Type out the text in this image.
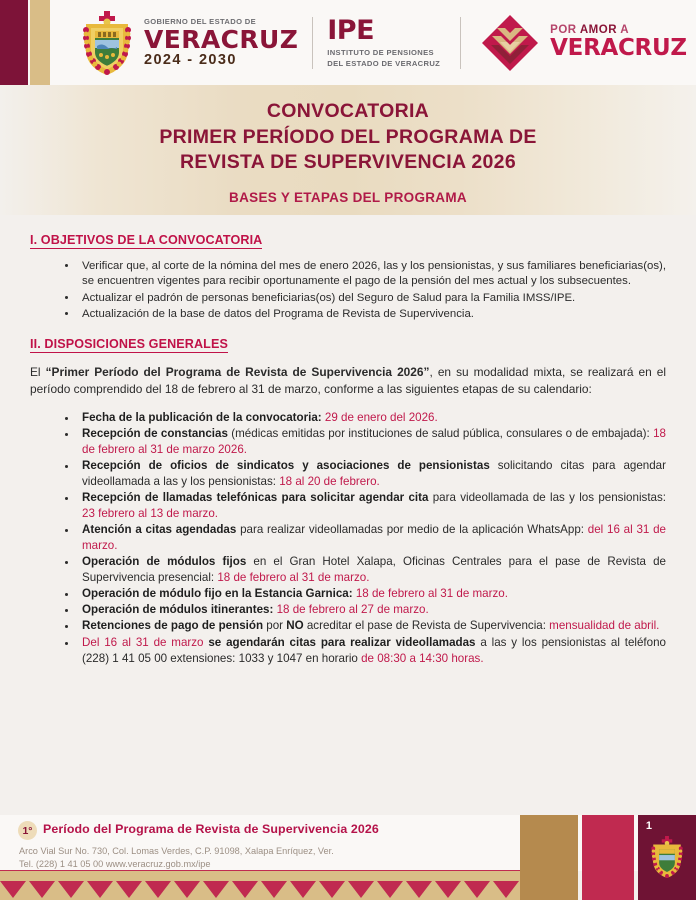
GOBIERNO DEL ESTADO DE
VERACRUZ
2024 - 2030
IPE
INSTITUTO DE PENSIONES
DEL ESTADO DE VERACRUZ
POR AMOR A
VERACRUZ
CONVOCATORIA
PRIMER PERÍODO DEL PROGRAMA DE
REVISTA DE SUPERVIVENCIA 2026
BASES Y ETAPAS DEL PROGRAMA
I. OBJETIVOS DE LA CONVOCATORIA
• Verificar que, al corte de la nómina del mes de enero 2026, las y los pensionistas, y sus familiares beneficiarias(os), se encuentren vigentes para recibir oportunamente el pago de la pensión del mes actual y los subsecuentes.
• Actualizar el padrón de personas beneficiarias(os) del Seguro de Salud para la Familia IMSS/IPE.
• Actualización de la base de datos del Programa de Revista de Supervivencia.
II. DISPOSICIONES GENERALES

El “Primer Período del Programa de Revista de Supervivencia 2026”, en su modalidad mixta, se realizará en el período comprendido del 18 de febrero al 31 de marzo, conforme a las siguientes etapas de su calendario:

• Fecha de la publicación de la convocatoria: 29 de enero del 2026.
• Recepción de constancias (médicas emitidas por instituciones de salud pública, consulares o de embajada): 18 de febrero al 31 de marzo 2026.
• Recepción de oficios de sindicatos y asociaciones de pensionistas solicitando citas para agendar videollamada a las y los pensionistas: 18 al 20 de febrero.
• Recepción de llamadas telefónicas para solicitar agendar cita para videollamada de las y los pensionistas: 23 febrero al 13 de marzo.
• Atención a citas agendadas para realizar videollamadas por medio de la aplicación WhatsApp: del 16 al 31 de marzo.
• Operación de módulos fijos en el Gran Hotel Xalapa, Oficinas Centrales para el pase de Revista de Supervivencia presencial: 18 de febrero al 31 de marzo.
• Operación de módulo fijo en la Estancia Garnica: 18 de febrero al 31 de marzo.
• Operación de módulos itinerantes: 18 de febrero al 27 de marzo.
• Retenciones de pago de pensión por NO acreditar el pase de Revista de Supervivencia: mensualidad de abril.
• Del 16 al 31 de marzo se agendarán citas para realizar videollamadas a las y los pensionistas al teléfono (228) 1 41 05 00 extensiones: 1033 y 1047 en horario de 08:30 a 14:30 horas.
1° Período del Programa de Revista de Supervivencia 2026
Arco Vial Sur No. 730, Col. Lomas Verdes, C.P. 91098, Xalapa Enríquez, Ver.
Tel. (228) 1 41 05 00 www.veracruz.gob.mx/ipe
1
